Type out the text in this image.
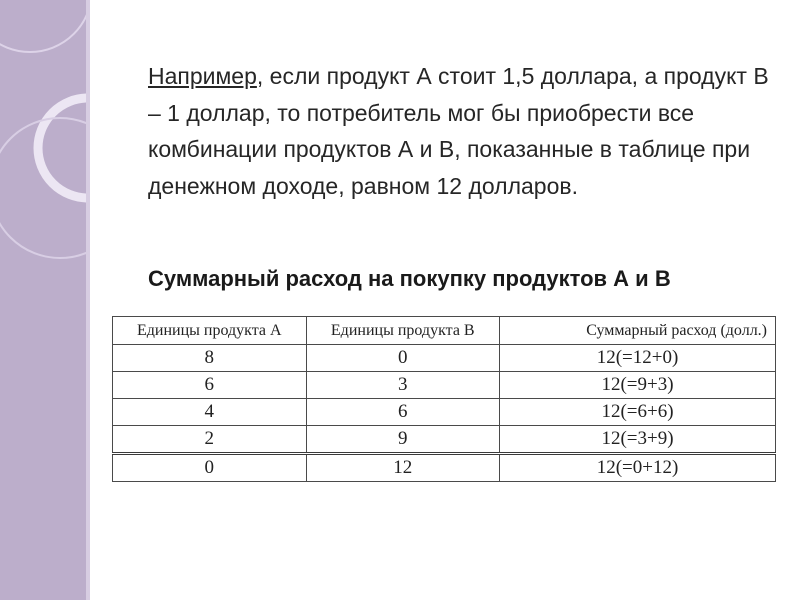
Например, если продукт А стоит 1,5 доллара, а продукт В – 1 доллар, то потребитель мог бы приобрести все комбинации продуктов А и В, показанные в таблице при денежном доходе, равном 12 долларов.
Суммарный расход на покупку продуктов А и В
Единицы продукта А	Единицы продукта В	Суммарный расход (долл.)
8	0	12(=12+0)
6	3	12(=9+3)
4	6	12(=6+6)
2	9	12(=3+9)
0	12	12(=0+12)
